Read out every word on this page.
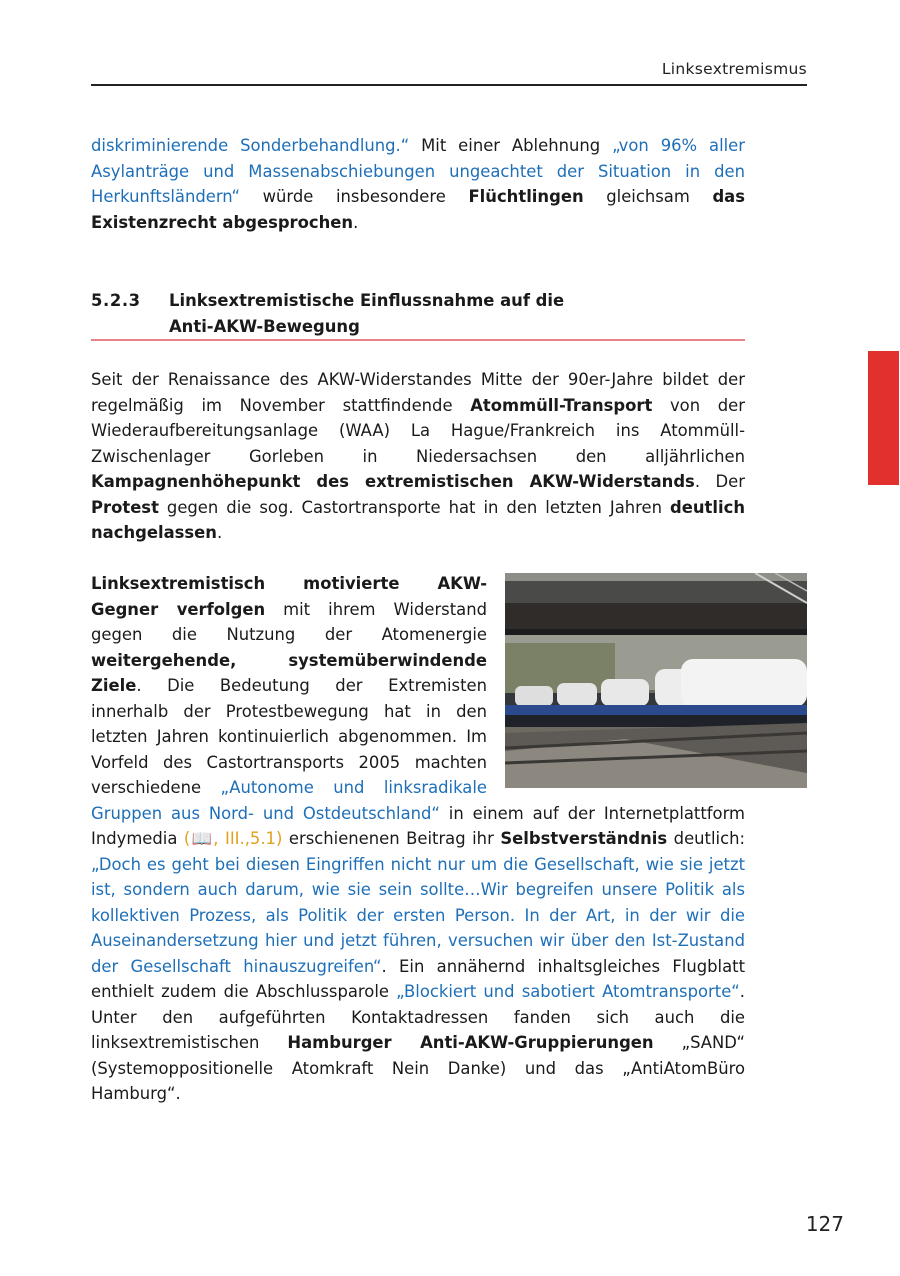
Linksextremismus

diskriminierende Sonderbehandlung.“ Mit einer Ablehnung „von 96% aller Asylanträge und Massenabschiebungen ungeachtet der Situation in den Herkunftsländern“ würde insbesondere Flüchtlingen gleichsam das Existenzrecht abgesprochen.

5.2.3 Linksextremistische Einflussnahme auf die
Anti-AKW-Bewegung

Seit der Renaissance des AKW-Widerstandes Mitte der 90er-Jahre bildet der regelmäßig im November stattfindende Atommüll-Transport von der Wiederaufbereitungsanlage (WAA) La Hague/Frankreich ins Atommüll-Zwischenlager Gorleben in Niedersachsen den alljährlichen Kampagnenhöhepunkt des extremistischen AKW-Widerstands. Der Protest gegen die sog. Castortransporte hat in den letzten Jahren deutlich nachgelassen.

Linksextremistisch motivierte AKW-Gegner verfolgen mit ihrem Widerstand gegen die Nutzung der Atomenergie weitergehende, systemüberwindende Ziele. Die Bedeutung der Extremisten innerhalb der Protestbewegung hat in den letzten Jahren kontinuierlich abgenommen. Im Vorfeld des Castortransports 2005 machten verschiedene „Autonome und linksradikale Gruppen aus Nord- und Ostdeutschland“ in einem auf der Internetplattform Indymedia (📖, III.,5.1) erschienenen Beitrag ihr Selbstverständnis deutlich: „Doch es geht bei diesen Eingriffen nicht nur um die Gesellschaft, wie sie jetzt ist, sondern auch darum, wie sie sein sollte…Wir begreifen unsere Politik als kollektiven Prozess, als Politik der ersten Person. In der Art, in der wir die Auseinandersetzung hier und jetzt führen, versuchen wir über den Ist-Zustand der Gesellschaft hinauszugreifen“. Ein annähernd inhaltsgleiches Flugblatt enthielt zudem die Abschlussparole „Blockiert und sabotiert Atomtransporte“. Unter den aufgeführten Kontaktadressen fanden sich auch die linksextremistischen Hamburger Anti-AKW-Gruppierungen „SAND“ (Systemoppositionelle Atomkraft Nein Danke) und das „AntiAtomBüro Hamburg“.

127
